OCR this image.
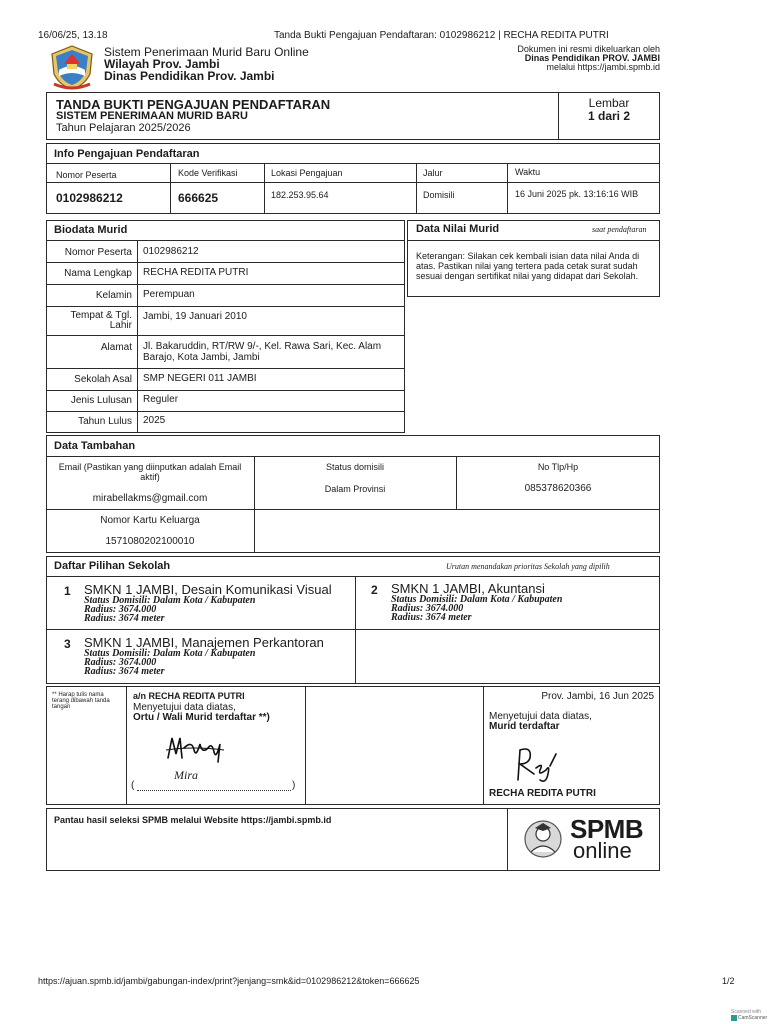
16/06/25, 13.18	Tanda Bukti Pengajuan Pendaftaran: 0102986212 | RECHA REDITA PUTRI
Sistem Penerimaan Murid Baru Online
Wilayah Prov. Jambi
Dinas Pendidikan Prov. Jambi
Dokumen ini resmi dikeluarkan oleh
Dinas Pendidikan PROV. JAMBI
melalui https://jambi.spmb.id
TANDA BUKTI PENGAJUAN PENDAFTARAN
SISTEM PENERIMAAN MURID BARU
Tahun Pelajaran 2025/2026
Lembar
1 dari 2
Info Pengajuan Pendaftaran
Nomor Peserta
0102986212
Kode Verifikasi
666625
Lokasi Pengajuan
182.253.95.64
Jalur
Domisili
Waktu
16 Juni 2025 pk. 13:16:16 WIB
Biodata Murid
Nomor Peserta 0102986212
Nama Lengkap RECHA REDITA PUTRI
Kelamin Perempuan
Tempat & Tgl. Lahir
Jambi, 19 Januari 2010
Alamat Jl. Bakaruddin, RT/RW 9/-, Kel. Rawa Sari, Kec. Alam Barajo, Kota Jambi, Jambi
Sekolah Asal SMP NEGERI 011 JAMBI
Jenis Lulusan Reguler
Tahun Lulus 2025
Data Nilai Murid	saat pendaftaran
Keterangan: Silakan cek kembali isian data nilai Anda di atas. Pastikan nilai yang tertera pada cetak surat sudah sesuai dengan sertifikat nilai yang didapat dari Sekolah.
Data Tambahan
Email (Pastikan yang diinputkan adalah Email aktif)
mirabellakms@gmail.com
Status domisili
Dalam Provinsi
No Tlp/Hp
085378620366
Nomor Kartu Keluarga
1571080202100010
Daftar Pilihan Sekolah	Urutan menandakan prioritas Sekolah yang dipilih
1 SMKN 1 JAMBI, Desain Komunikasi Visual
Status Domisili: Dalam Kota / Kabupaten
Radius: 3674.000
Radius: 3674 meter
2 SMKN 1 JAMBI, Akuntansi
Status Domisili: Dalam Kota / Kabupaten
Radius: 3674.000
Radius: 3674 meter
3 SMKN 1 JAMBI, Manajemen Perkantoran
Status Domisili: Dalam Kota / Kabupaten
Radius: 3674.000
Radius: 3674 meter
** Harap tulis nama terang dibawah tanda tangan
a/n RECHA REDITA PUTRI
Menyetujui data diatas,
Ortu / Wali Murid terdaftar **)
Mira
(	)
Prov. Jambi, 16 Jun 2025
Menyetujui data diatas,
Murid terdaftar
RECHA REDITA PUTRI
Pantau hasil seleksi SPMB melalui Website https://jambi.spmb.id	SPMB
online
https://ajuan.spmb.id/jambi/gabungan-index/print?jenjang=smk&id=0102986212&token=666625	1/2
Scanned with
CamScanner
